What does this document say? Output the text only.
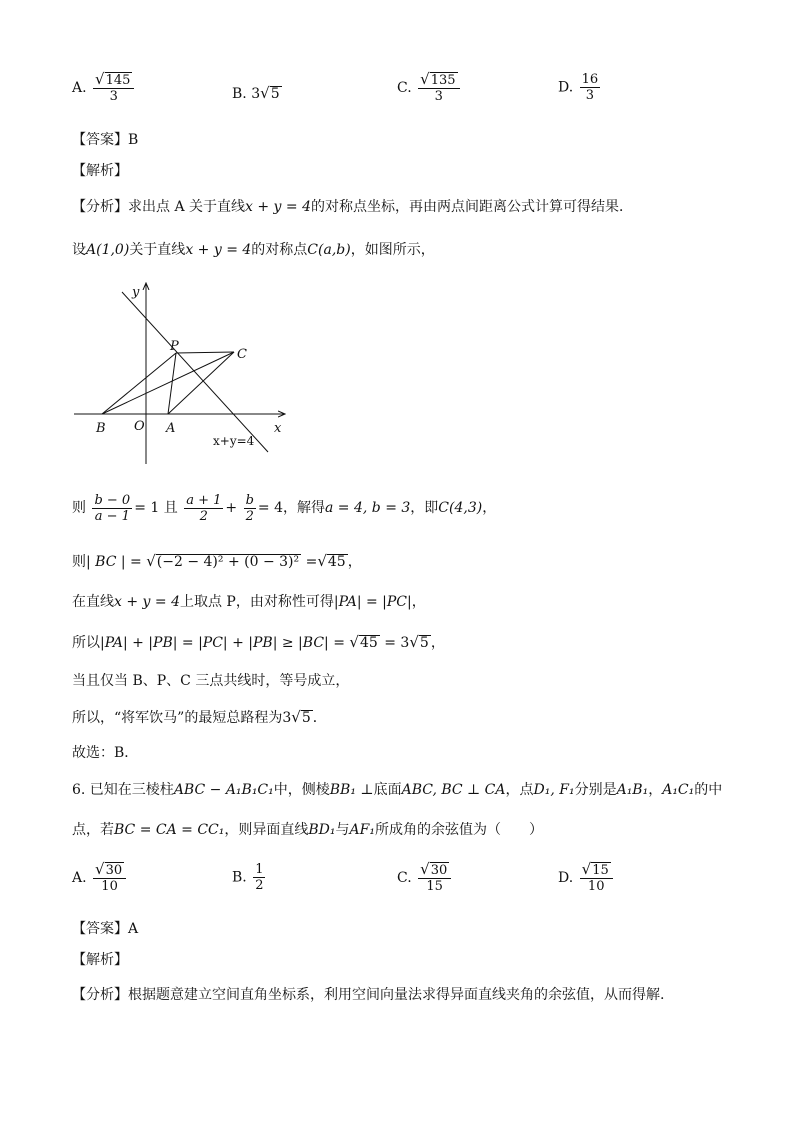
A. $\frac{√145}{3}$	B. 3√5	C. $\frac{√135}{3}$	D. $\frac{16}{3}$
【答案】B
【解析】
【分析】求出点 A 关于直线x + y = 4的对称点坐标，再由两点间距离公式计算可得结果．
设A(1,0)关于直线x + y = 4的对称点C(a,b)，如图所示，
y
x
O
P
C
B	A
x+y=4
则 $\frac{b - 0}{a - 1} = 1$ 且 $\frac{a + 1}{2} + \frac{b}{2} = 4$，解得a = 4, b = 3，即C(4,3)，
则| BC | = √(−2 − 4)² + (0 − 3)² =√45 ，
在直线x + y = 4上取点 P，由对称性可得|PA| = |PC|，
所以|PA| + |PB| = |PC| + |PB| ≥ |BC| = √45 = 3√5 ，
当且仅当 B、P、C 三点共线时，等号成立，
所以，“将军饮马”的最短总路程为3√5 ．
故选：B．
6. 已知在三棱柱ABC − A₁B₁C₁中，侧棱BB₁ ⊥底面ABC, BC ⊥ CA，点D₁, F₁分别是A₁B₁，A₁C₁的中
点，若BC = CA = CC₁，则异面直线BD₁与AF₁所成角的余弦值为（　　）
A. $\frac{√30}{10}$	B. $\frac{1}{2}$	C. $\frac{√30}{15}$	D. $\frac{√15}{10}$
【答案】A
【解析】
【分析】根据题意建立空间直角坐标系，利用空间向量法求得异面直线夹角的余弦值，从而得解.
